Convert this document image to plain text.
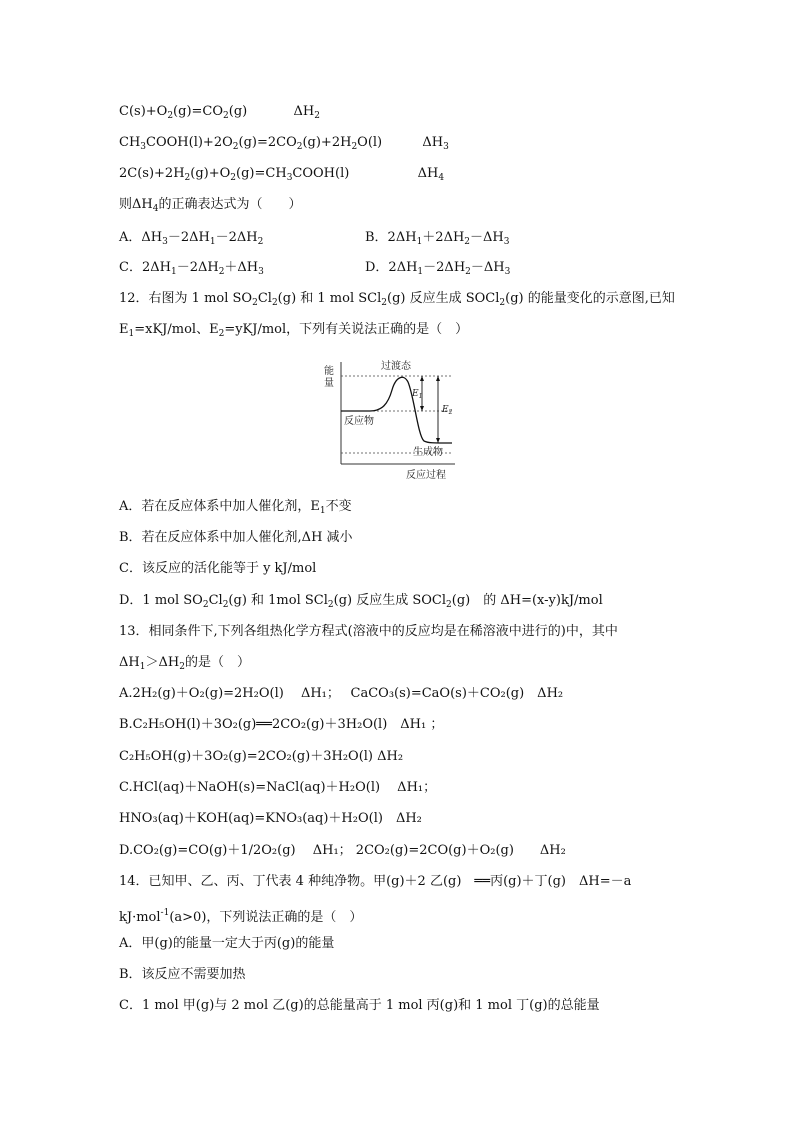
$C(s)+O_2(g)=CO_2(g)$	$\Delta H_2$
$CH_3COOH(l)+2O_2(g)=2CO_2(g)+2H_2O(l)$	$\Delta H_3$
$2C(s)+2H_2(g)+O_2(g)=CH_3COOH(l)$	$\Delta H_4$
则$\Delta H_4$的正确表达式为（　　）
A．$\Delta H_3-2\Delta H_1-2\Delta H_2$	B．$2\Delta H_1+2\Delta H_2-\Delta H_3$
C．$2\Delta H_1-2\Delta H_2+\Delta H_3$	D．$2\Delta H_1-2\Delta H_2-\Delta H_3$
12．右图为 1 mol $SO_2Cl_2(g)$ 和 1 mol SCl$_2$(g) 反应生成 SOCl$_2$(g) 的能量变化的示意图,已知
$E_1=xKJ$/mol、$E_2=yKJ$/mol，下列有关说法正确的是（　）
能
量
过渡态
反应物
生成物
反应过程
$E_1$
$E_2$
A．若在反应体系中加人催化剂，$E_1$不变
B．若在反应体系中加人催化剂,ΔH 减小
C．该反应的活化能等于 y kJ/mol
D．1 mol $SO_2Cl_2(g)$ 和 1mol SCl$_2$(g) 反应生成 SOCl$_2$(g)　的 ΔH=(x-y)kJ/mol
13．相同条件下,下列各组热化学方程式(溶液中的反应均是在稀溶液中进行的)中，其中
$\Delta H_1>\Delta H_2$的是（　）
A.2H₂(g)＋O₂(g)=2H₂O(l)　 ΔH₁；　 CaCO₃(s)=CaO(s)＋CO₂(g)　ΔH₂
B.C₂H₅OH(l)＋3O₂(g)══2CO₂(g)＋3H₂O(l)　ΔH₁ ；
C₂H₅OH(g)＋3O₂(g)=2CO₂(g)＋3H₂O(l) ΔH₂
C.HCl(aq)＋NaOH(s)=NaCl(aq)＋H₂O(l)　 ΔH₁；
HNO₃(aq)＋KOH(aq)=KNO₃(aq)＋H₂O(l)　ΔH₂
D.CO₂(g)=CO(g)＋1/2O₂(g)　 ΔH₁； 2CO₂(g)=2CO(g)＋O₂(g)　　ΔH₂
14．已知甲、乙、丙、丁代表 4 种纯净物。甲(g)＋2 乙(g)　══丙(g)＋丁(g)　ΔH=－a
kJ·mol$^{-1}$(a>0)，下列说法正确的是（　）
A．甲(g)的能量一定大于丙(g)的能量
B．该反应不需要加热
C．1 mol 甲(g)与 2 mol 乙(g)的总能量高于 1 mol 丙(g)和 1 mol 丁(g)的总能量
